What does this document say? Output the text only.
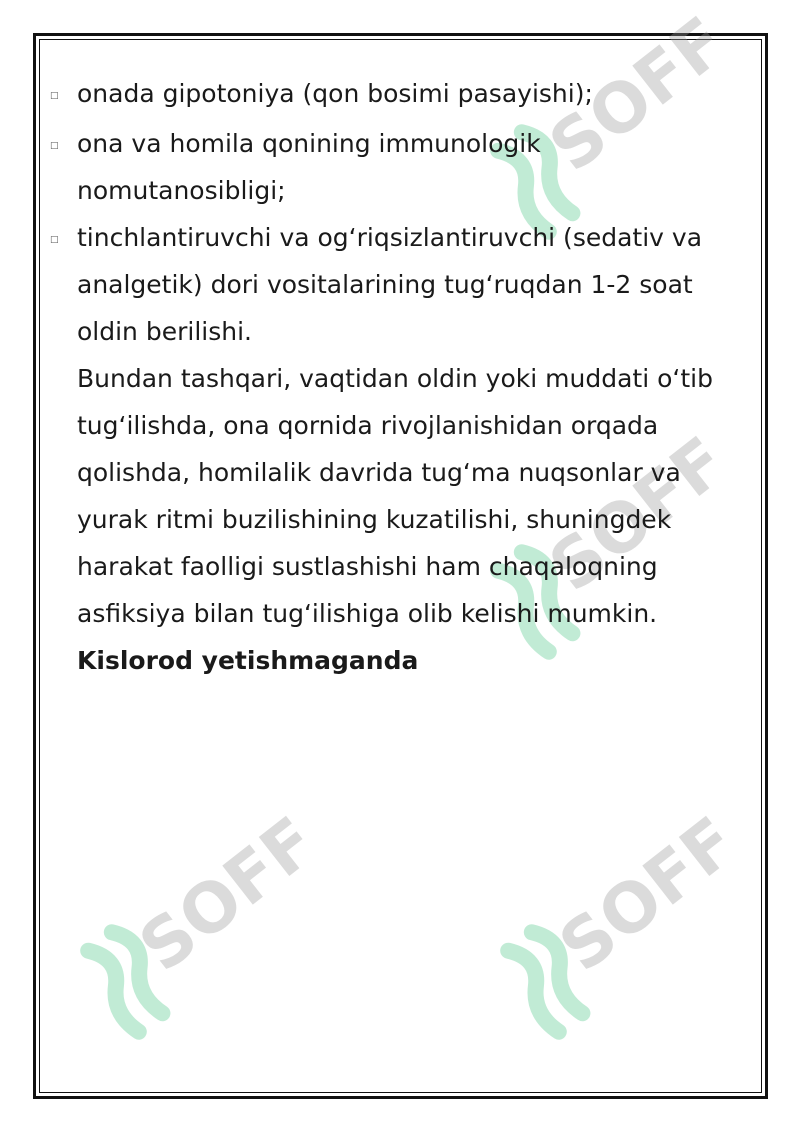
SOFF
SOFF
SOFF	SOFF
□ onada gipotoniya (qon bosimi pasayishi);
□ ona va homila qonining immunologik nomutanosibligi;
□ tinchlantiruvchi va og‘riqsizlantiruvchi (sedativ va analgetik) dori vositalarining tug‘ruqdan 1-2 soat oldin berilishi.
Bundan tashqari, vaqtidan oldin yoki muddati o‘tib tug‘ilishda, ona qornida rivojlanishidan orqada qolishda, homilalik davrida tug‘ma nuqsonlar va yurak ritmi buzilishining kuzatilishi, shuningdek harakat faolligi sustlashishi ham chaqaloqning asfiksiya bilan tug‘ilishiga olib kelishi mumkin.
Kislorod yetishmaganda
